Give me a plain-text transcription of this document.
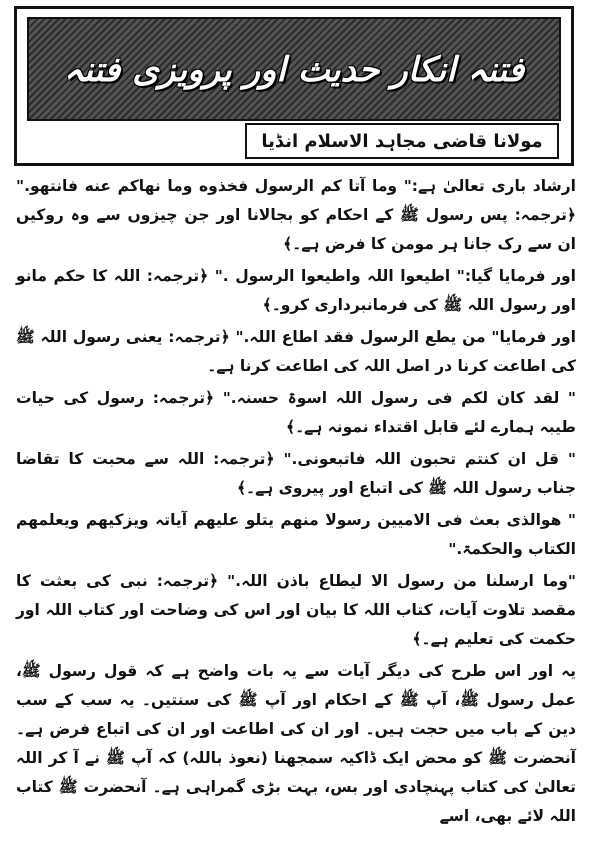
فتنہ انکار حدیث اور پرویزی فتنہ
مولانا قاضی مجاہد الاسلام انڈیا

ارشاد باری تعالیٰ ہے:" وما آتا کم الرسول فخذوه وما نهاكم عنه فانتهو." ﴿ترجمہ: پس رسول ﷺ کے احکام کو بجالانا اور جن چیزوں سے وہ روکیں ان سے رک جانا ہر مومن کا فرض ہے۔﴾

اور فرمایا گیا:" اطیعوا اللہ واطیعوا الرسول ." ﴿ترجمہ: اللہ کا حکم مانو اور رسول اللہ ﷺ کی فرمانبرداری کرو۔﴾

اور فرمایا" من یطع الرسول فقد اطاع اللہ." ﴿ترجمہ: یعنی رسول اللہ ﷺ کی اطاعت کرنا در اصل اللہ کی اطاعت کرنا ہے۔

" لقد کان لکم فی رسول اللہ اسوۃ حسنہ." ﴿ترجمہ: رسول کی حیات طیبہ ہمارے لئے قابل اقتداء نمونہ ہے۔﴾

" قل ان کنتم تحبون اللہ فاتبعونی." ﴿ترجمہ: اللہ سے محبت کا تقاضا جناب رسول اللہ ﷺ کی اتباع اور پیروی ہے۔﴾

" ھوالذی بعث فی الامیین رسولا منھم یتلو علیھم آیاتہ ویزکیھم ویعلمھم الکتاب والحکمۃ."

"وما ارسلنا من رسول الا لیطاع باذن اللہ." ﴿ترجمہ: نبی کی بعثت کا مقصد تلاوت آیات، کتاب اللہ کا بیان اور اس کی وضاحت اور کتاب اللہ اور حکمت کی تعلیم ہے۔﴾

یہ اور اس طرح کی دیگر آیات سے یہ بات واضح ہے کہ قول رسول ﷺ، عمل رسول ﷺ، آپ ﷺ کے احکام اور آپ ﷺ کی سنتیں۔ یہ سب کے سب دین کے باب میں حجت ہیں۔ اور ان کی اطاعت اور ان کی اتباع فرض ہے۔ آنحضرت ﷺ کو محض ایک ڈاکیہ سمجھنا (نعوذ باللہ) کہ آپ ﷺ نے آ کر اللہ تعالیٰ کی کتاب پہنچادی اور بس، بہت بڑی گمراہی ہے۔ آنحضرت ﷺ کتاب اللہ لائے بھی، اسے
